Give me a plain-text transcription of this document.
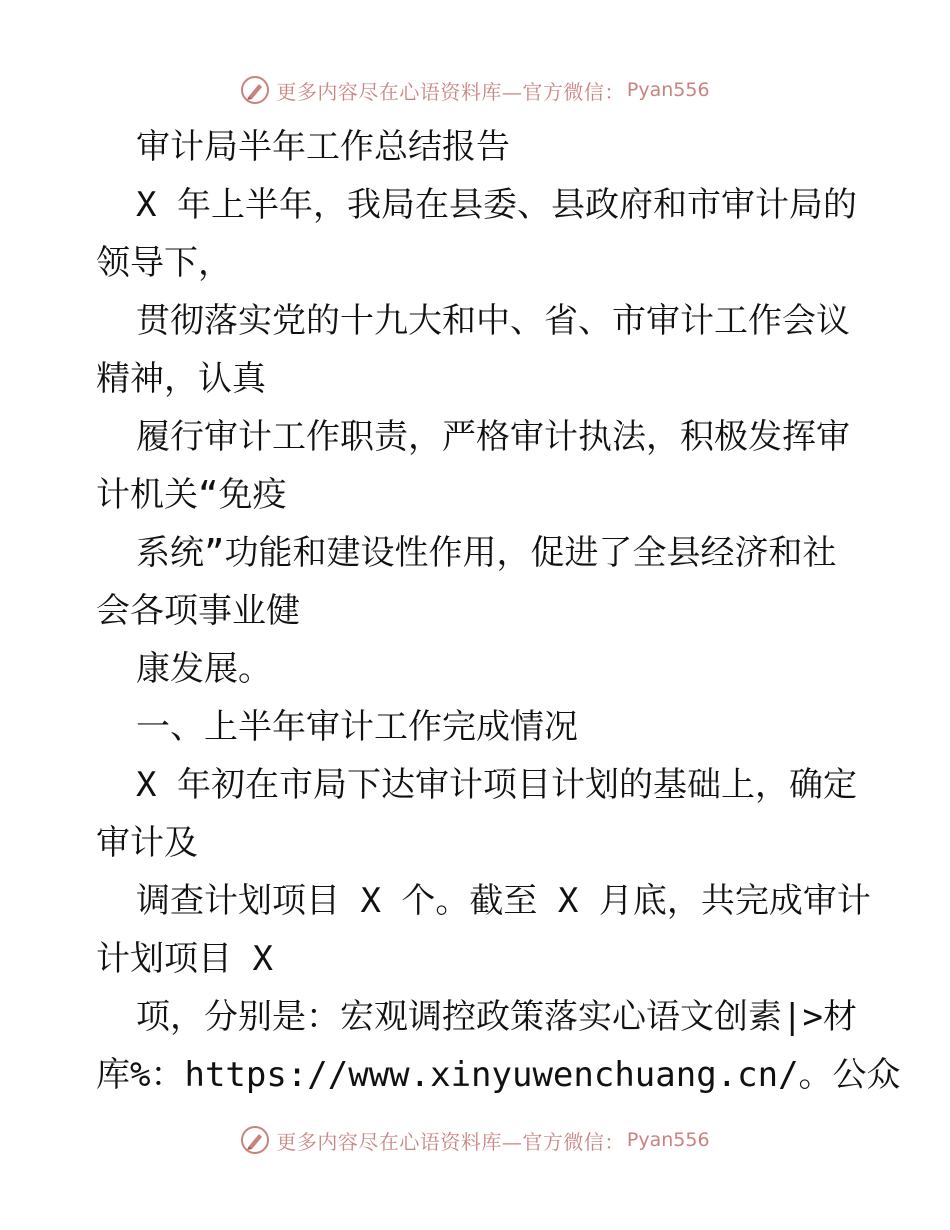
更多内容尽在心语资料库—官方微信： Pyan556
审计局半年工作总结报告
X 年上半年，我局在县委、县政府和市审计局的
领导下，
贯彻落实党的十九大和中、省、市审计工作会议
精神，认真
履行审计工作职责，严格审计执法，积极发挥审
计机关“免疫
系统”功能和建设性作用，促进了全县经济和社
会各项事业健
康发展。
一、上半年审计工作完成情况
X 年初在市局下达审计项目计划的基础上，确定
审计及
调查计划项目 X 个。截至 X 月底，共完成审计
计划项目 X
项，分别是：宏观调控政策落实心语文创素|>材
库%：https://www.xinyuwenchuang.cn/。公众
更多内容尽在心语资料库—官方微信： Pyan556
